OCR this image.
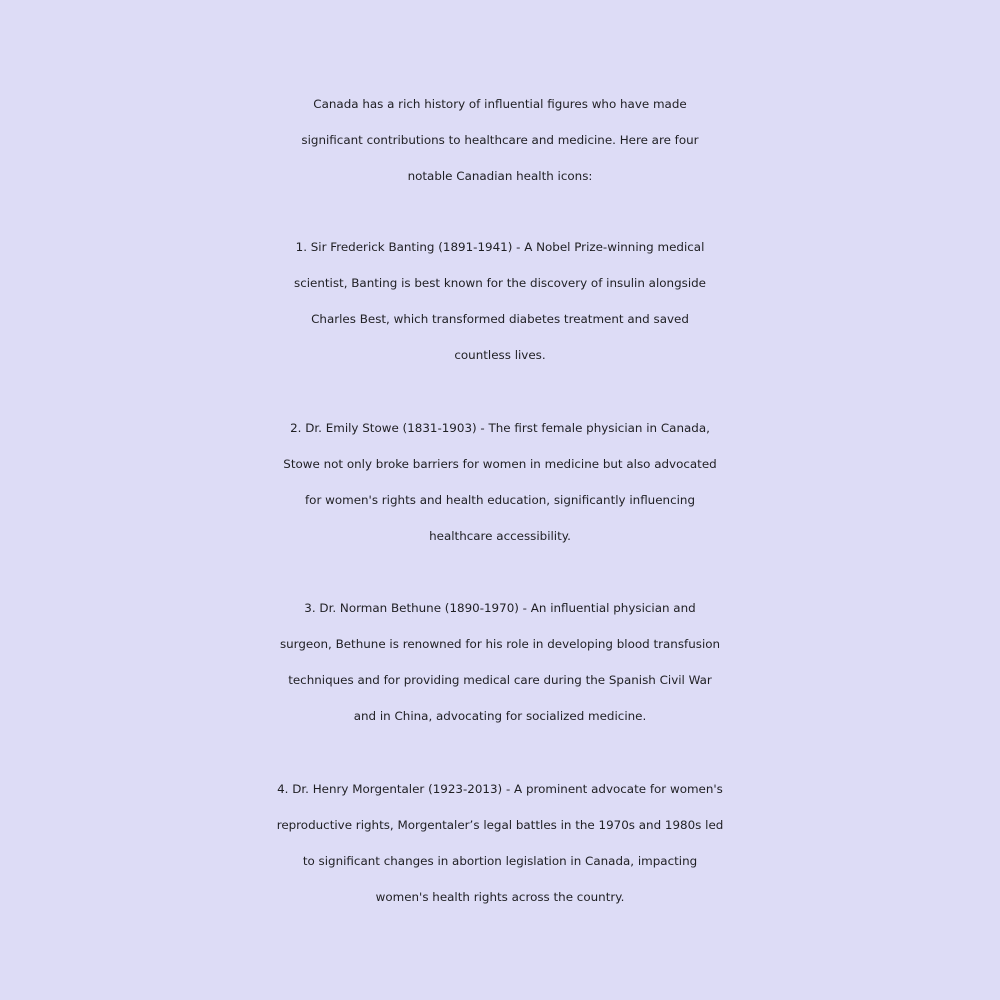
Canada has a rich history of influential figures who have made
significant contributions to healthcare and medicine. Here are four
notable Canadian health icons:
1. Sir Frederick Banting (1891-1941) - A Nobel Prize-winning medical
scientist, Banting is best known for the discovery of insulin alongside
Charles Best, which transformed diabetes treatment and saved
countless lives.
2. Dr. Emily Stowe (1831-1903) - The first female physician in Canada,
Stowe not only broke barriers for women in medicine but also advocated
for women's rights and health education, significantly influencing
healthcare accessibility.
3. Dr. Norman Bethune (1890-1970) - An influential physician and
surgeon, Bethune is renowned for his role in developing blood transfusion
techniques and for providing medical care during the Spanish Civil War
and in China, advocating for socialized medicine.
4. Dr. Henry Morgentaler (1923-2013) - A prominent advocate for women's
reproductive rights, Morgentaler’s legal battles in the 1970s and 1980s led
to significant changes in abortion legislation in Canada, impacting
women's health rights across the country.
